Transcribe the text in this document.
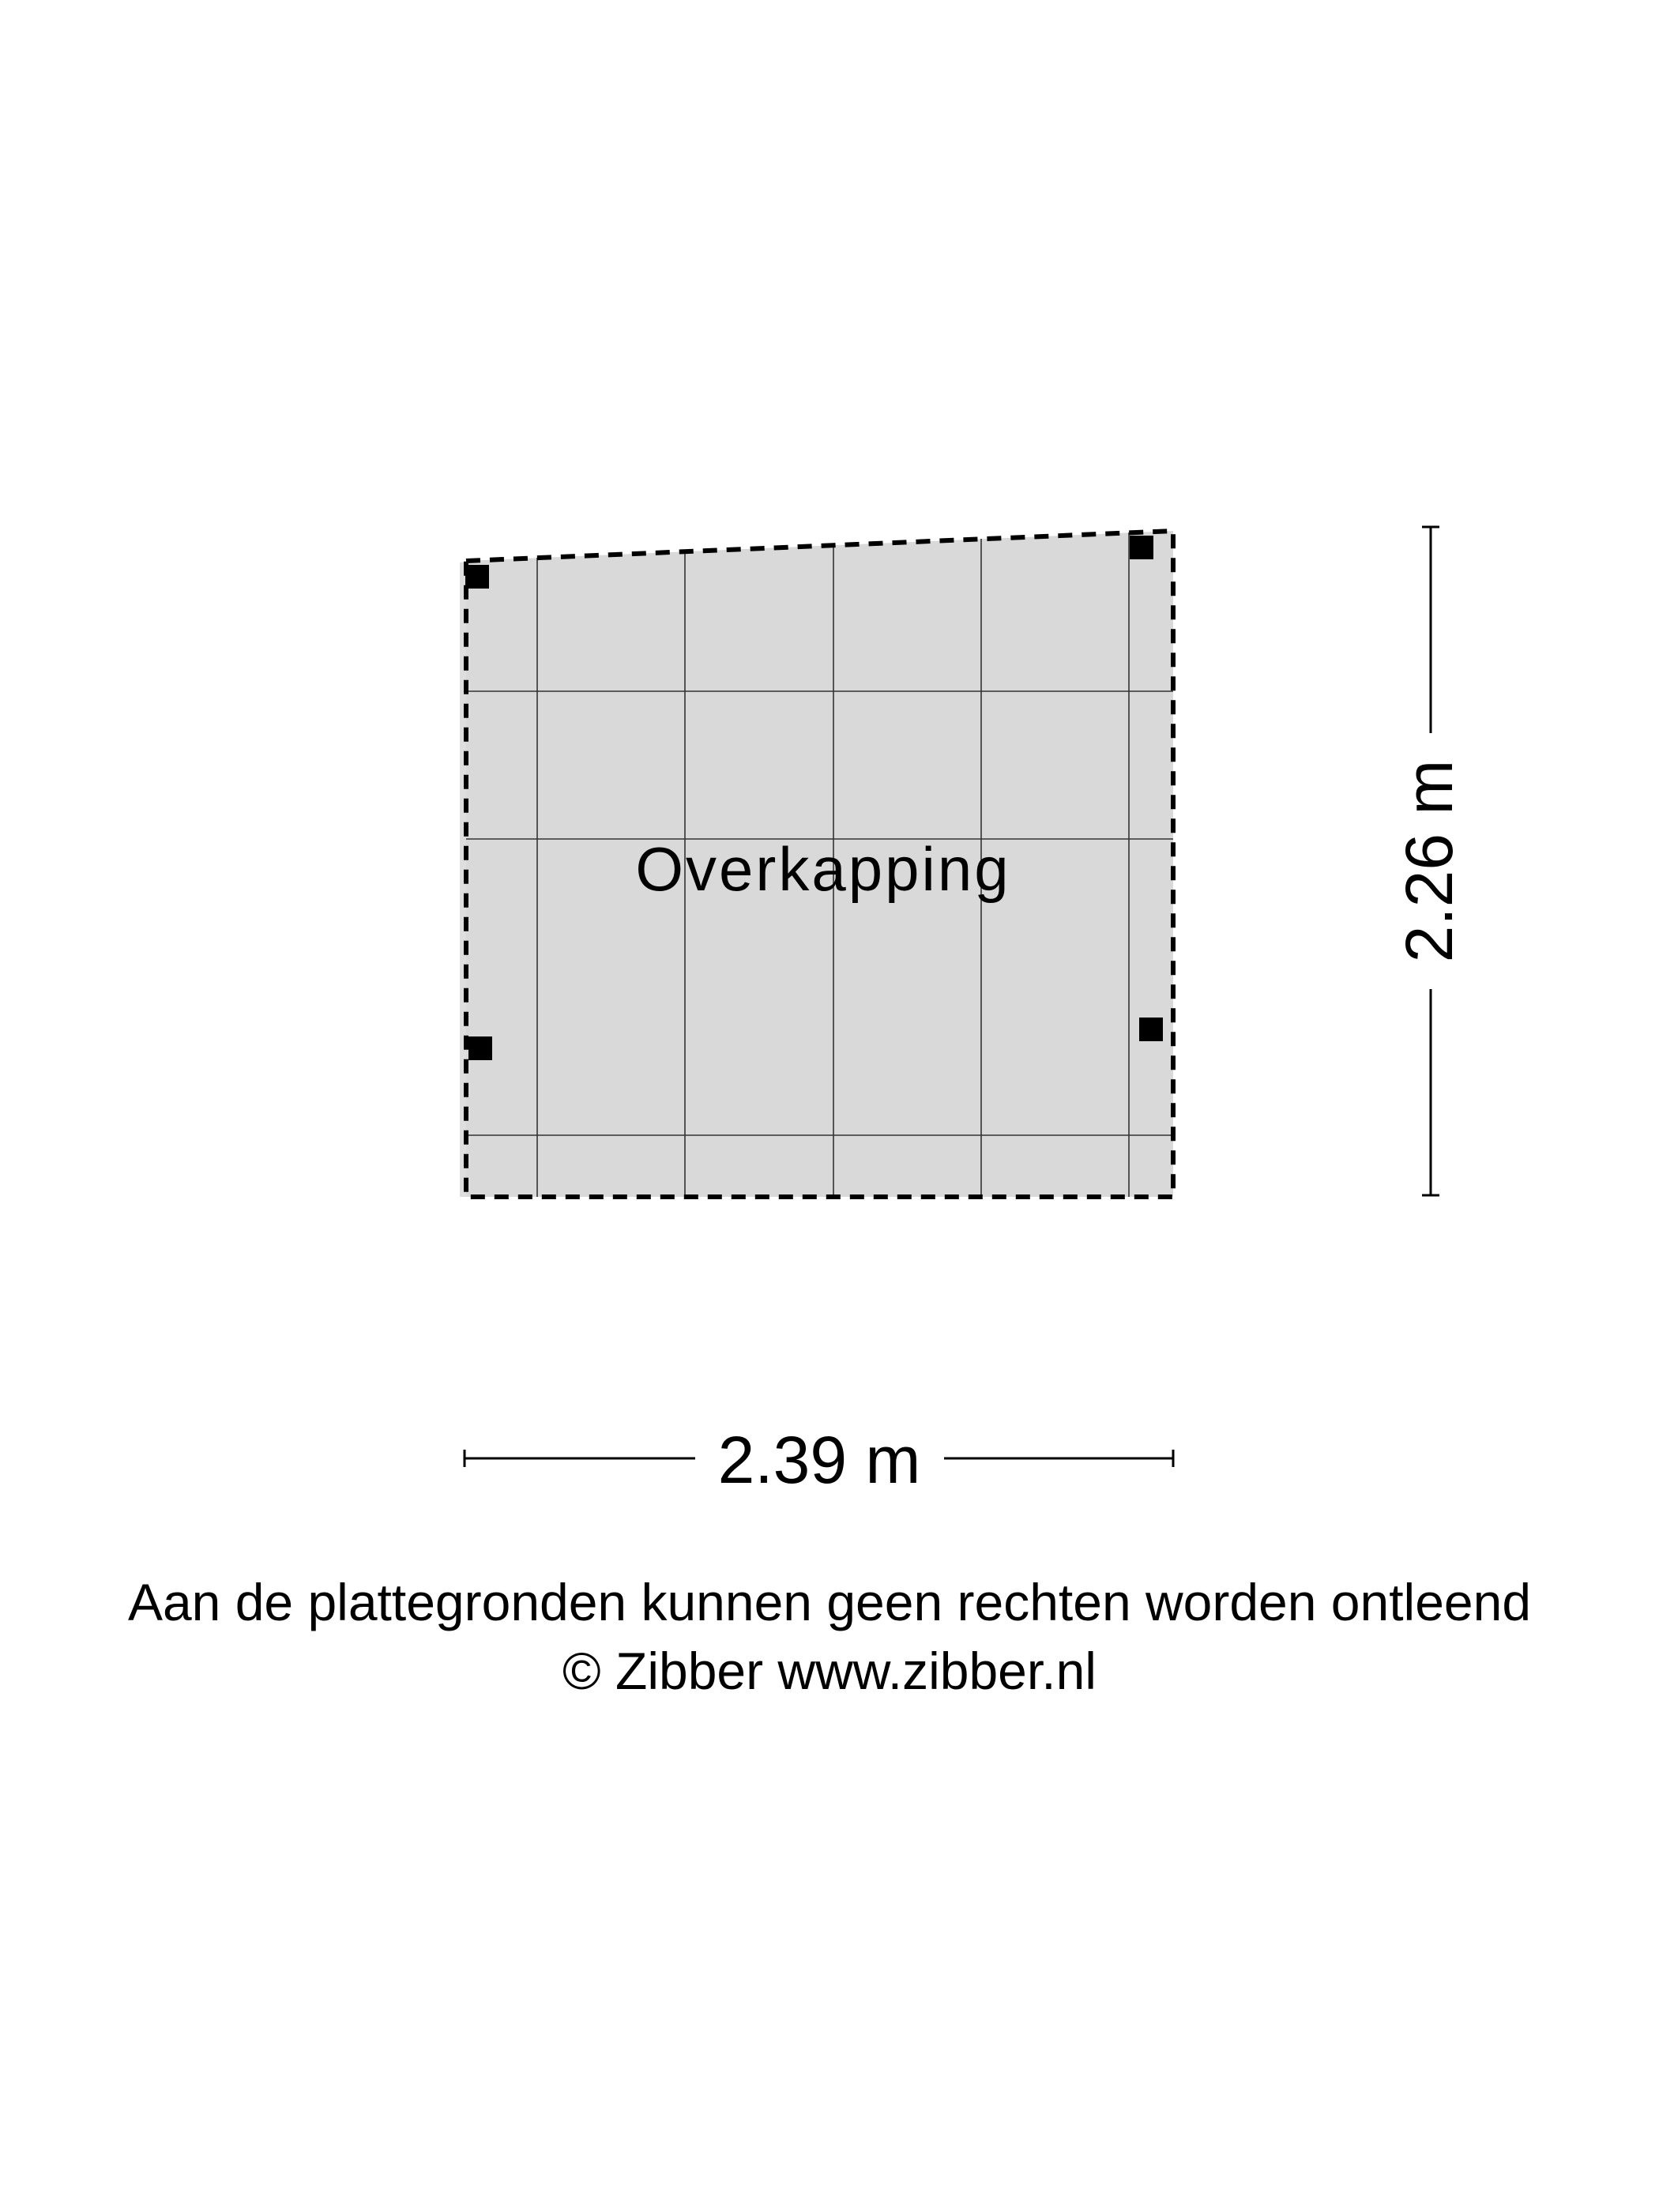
Overkapping	2.26 m
2.39 m
Aan de plattegronden kunnen geen rechten worden ontleend
© Zibber www.zibber.nl
